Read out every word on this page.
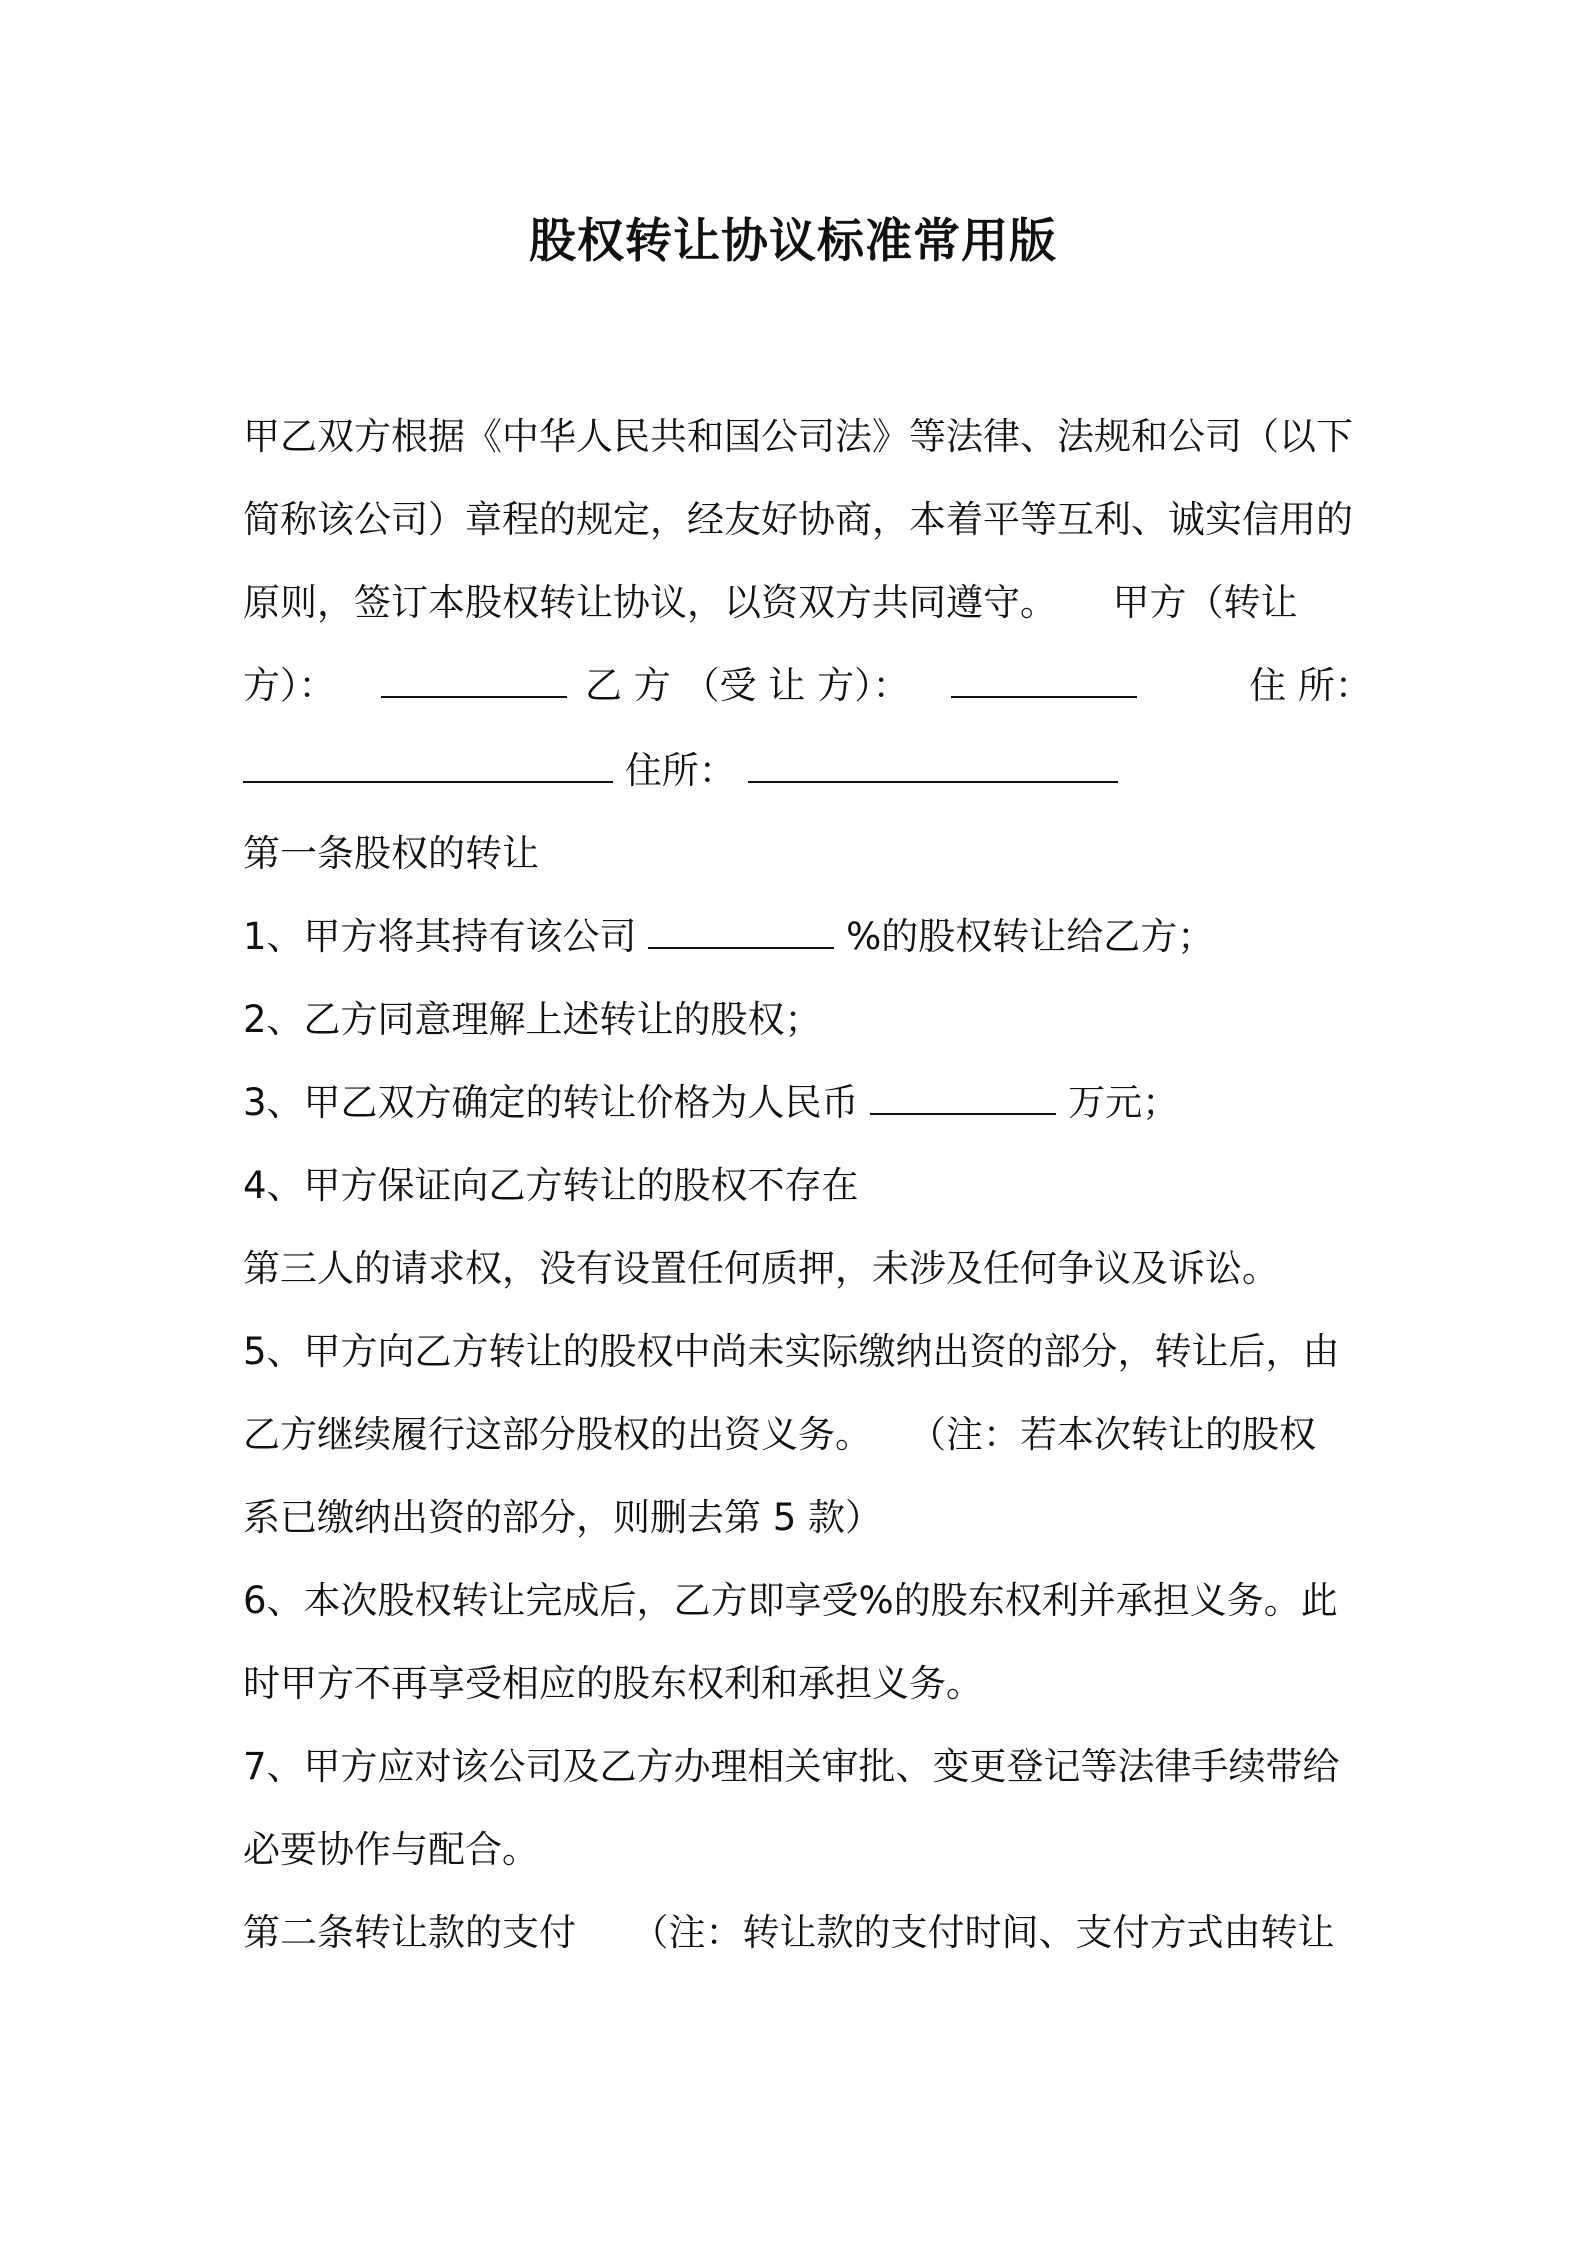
股权转让协议标准常用版
甲乙双方根据《中华人民共和国公司法》等法律、法规和公司（以下
简称该公司）章程的规定，经友好协商，本着平等互利、诚实信用的
原则，签订本股权转让协议，以资双方共同遵守。　　甲方（转让
方）：	乙 方 （受 让 方）：	住 所：
住所：
第一条股权的转让
1、甲方将其持有该公司	%的股权转让给乙方；
2、乙方同意理解上述转让的股权；
3、甲乙双方确定的转让价格为人民币	万元；
4、甲方保证向乙方转让的股权不存在
第三人的请求权，没有设置任何质押，未涉及任何争议及诉讼。
5、甲方向乙方转让的股权中尚未实际缴纳出资的部分，转让后，由
乙方继续履行这部分股权的出资义务。　　（注：若本次转让的股权
系已缴纳出资的部分，则删去第 5 款）
6、本次股权转让完成后，乙方即享受%的股东权利并承担义务。此
时甲方不再享受相应的股东权利和承担义务。
7、甲方应对该公司及乙方办理相关审批、变更登记等法律手续带给
必要协作与配合。
第二条转让款的支付　　（注：转让款的支付时间、支付方式由转让
